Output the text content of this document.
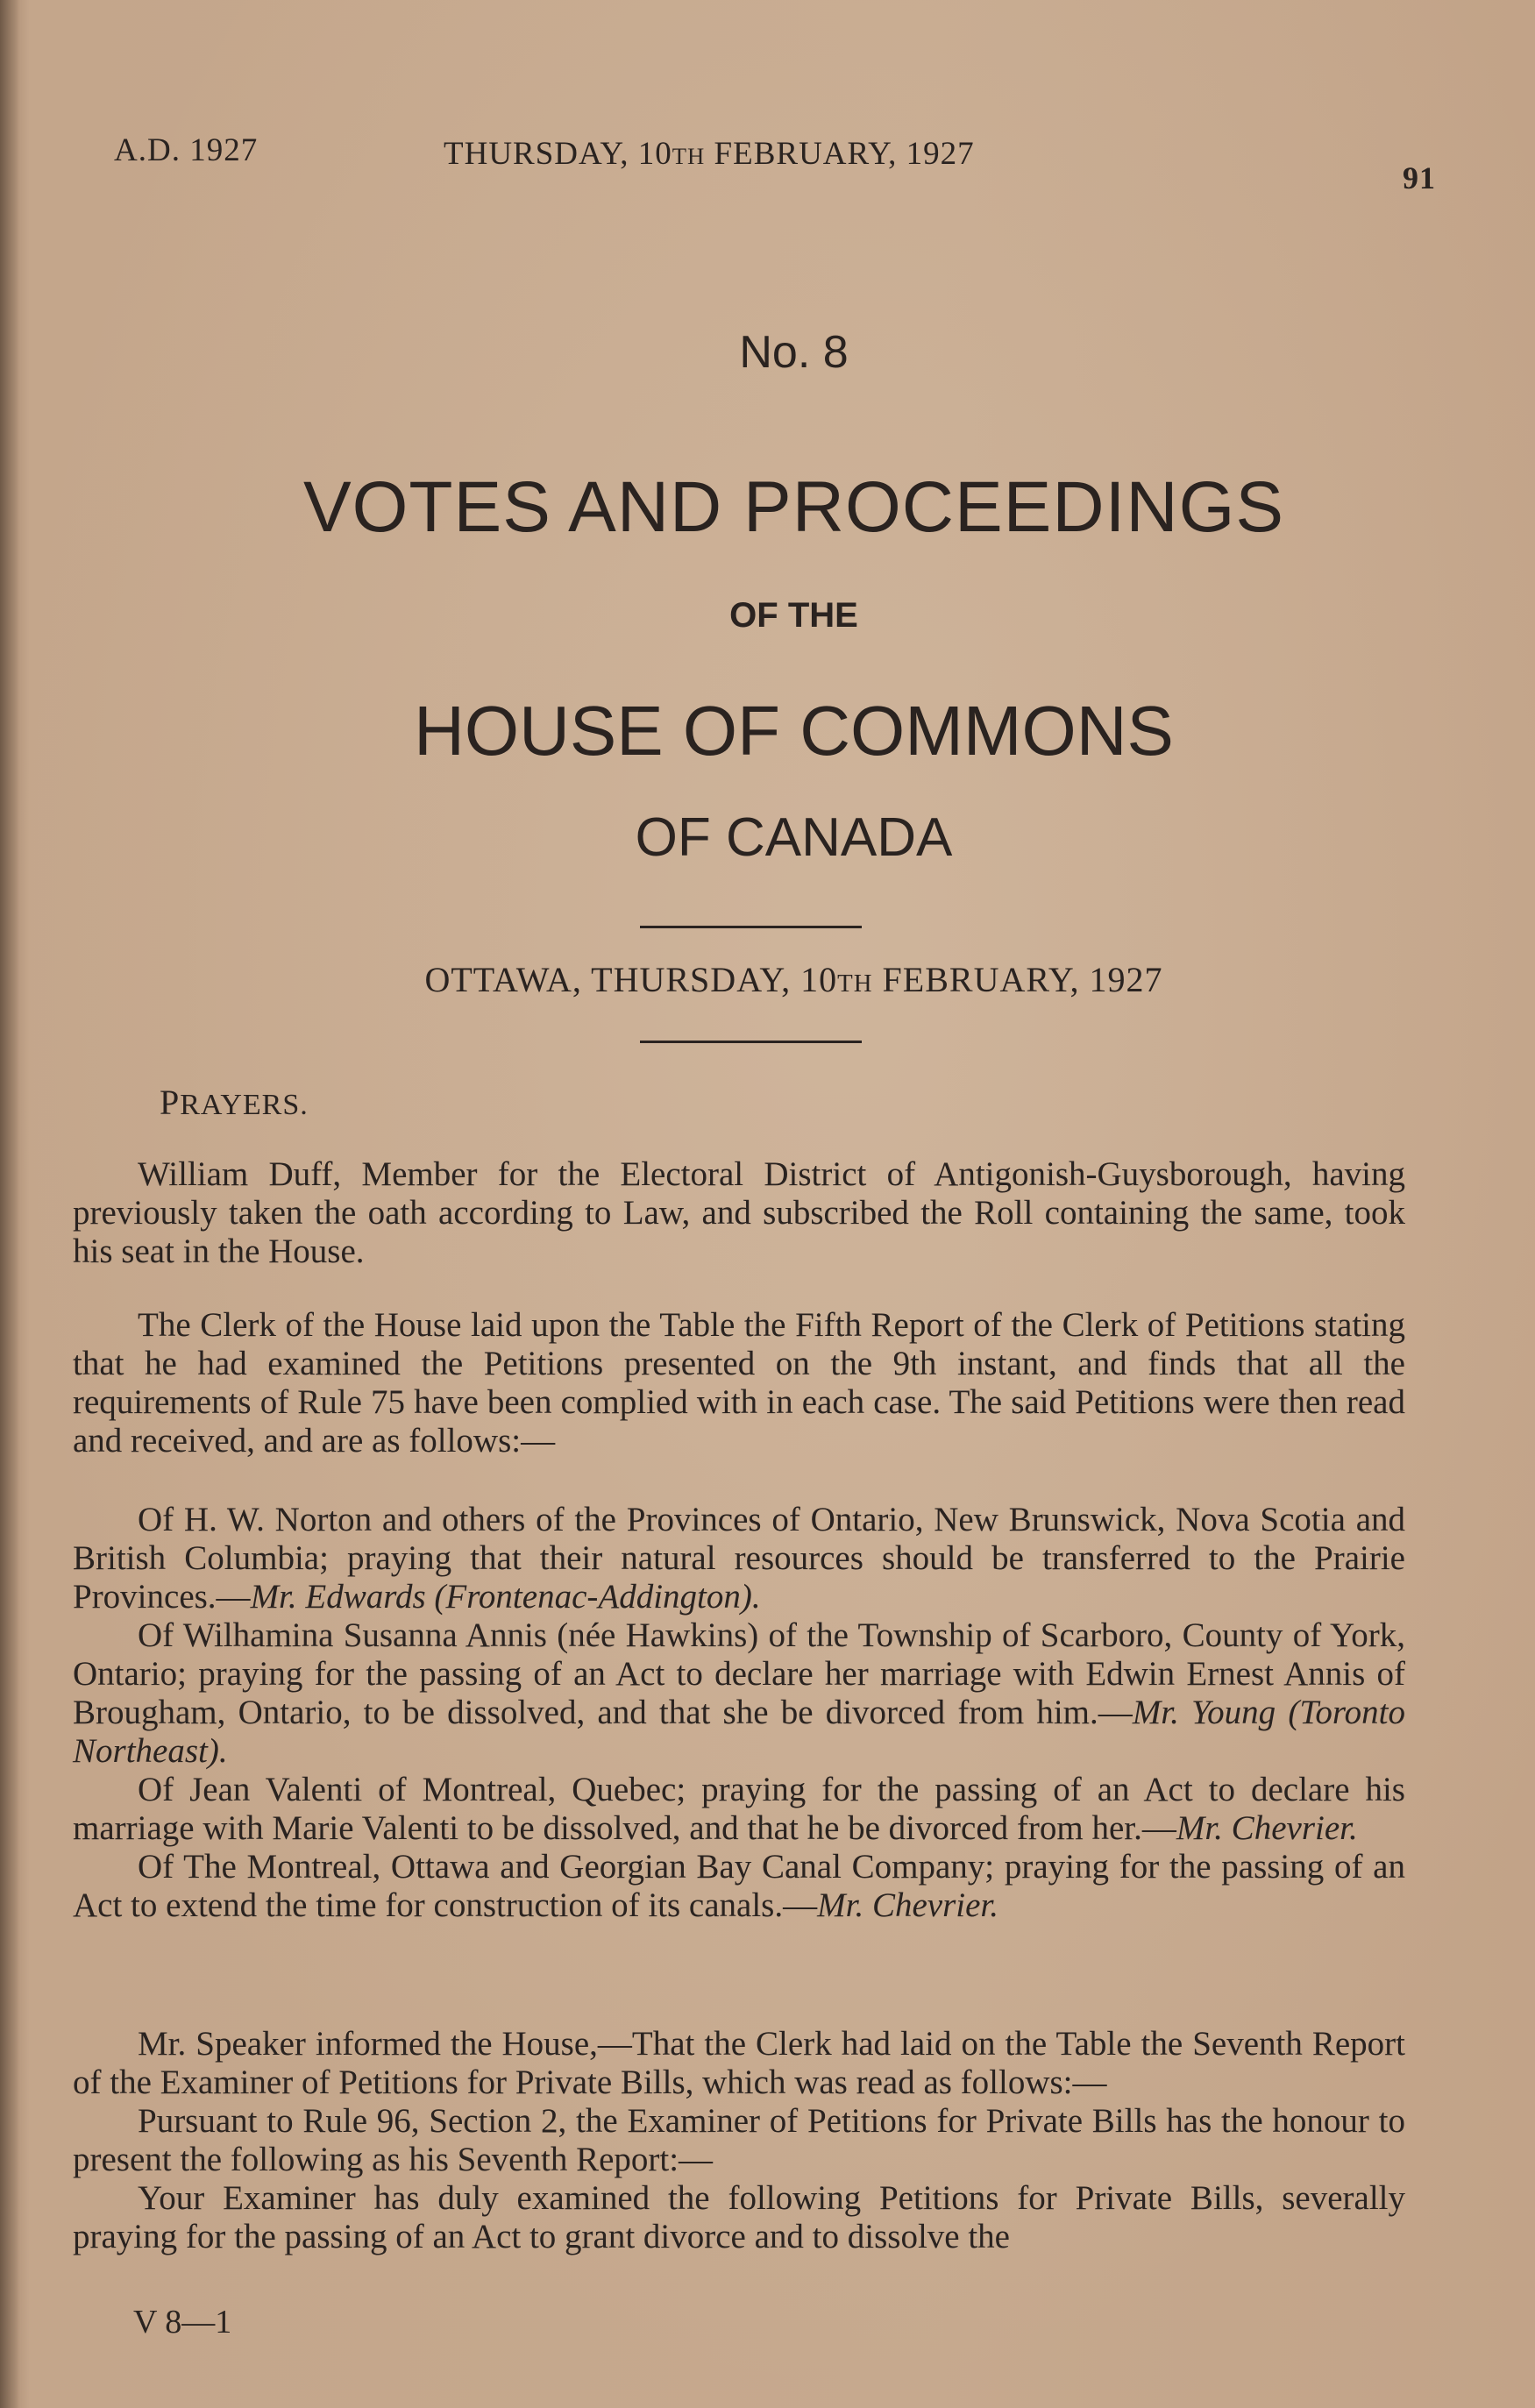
A.D. 1927	THURSDAY, 10TH FEBRUARY, 1927
91
No. 8
VOTES AND PROCEEDINGS
OF THE
HOUSE OF COMMONS
OF CANADA
OTTAWA, THURSDAY, 10TH FEBRUARY, 1927
PRAYERS.

William Duff, Member for the Electoral District of Antigonish-Guysborough, having previously taken the oath according to Law, and subscribed the Roll containing the same, took his seat in the House.

The Clerk of the House laid upon the Table the Fifth Report of the Clerk of Petitions stating that he had examined the Petitions presented on the 9th instant, and finds that all the requirements of Rule 75 have been complied with in each case. The said Petitions were then read and received, and are as follows:—

Of H. W. Norton and others of the Provinces of Ontario, New Brunswick, Nova Scotia and British Columbia; praying that their natural resources should be transferred to the Prairie Provinces.—Mr. Edwards (Frontenac-Addington).

Of Wilhamina Susanna Annis (née Hawkins) of the Township of Scarboro, County of York, Ontario; praying for the passing of an Act to declare her marriage with Edwin Ernest Annis of Brougham, Ontario, to be dissolved, and that she be divorced from him.—Mr. Young (Toronto Northeast).

Of Jean Valenti of Montreal, Quebec; praying for the passing of an Act to declare his marriage with Marie Valenti to be dissolved, and that he be divorced from her.—Mr. Chevrier.

Of The Montreal, Ottawa and Georgian Bay Canal Company; praying for the passing of an Act to extend the time for construction of its canals.—Mr. Chevrier.

Mr. Speaker informed the House,—That the Clerk had laid on the Table the Seventh Report of the Examiner of Petitions for Private Bills, which was read as follows:—

Pursuant to Rule 96, Section 2, the Examiner of Petitions for Private Bills has the honour to present the following as his Seventh Report:—

Your Examiner has duly examined the following Petitions for Private Bills, severally praying for the passing of an Act to grant divorce and to dissolve the

V 8—1
